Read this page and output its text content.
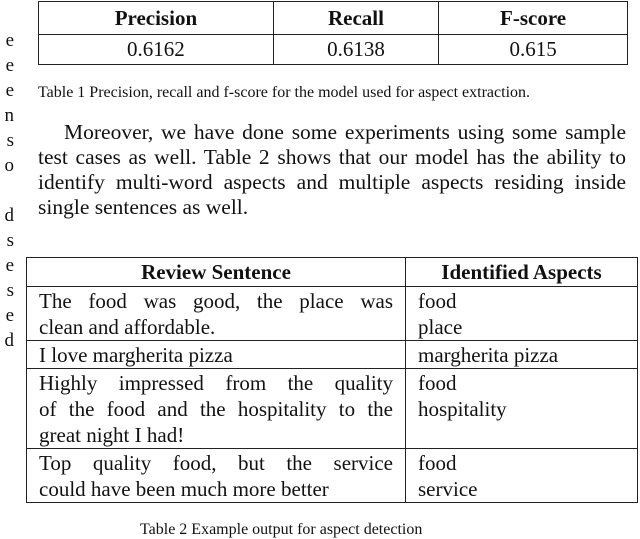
e
e
e
n
s
o

d
s
e
s
e
d
Precision	Recall	F-score
0.6162	0.6138	0.615
Table 1 Precision, recall and f-score for the model used for aspect extraction.
Moreover, we have done some experiments using some sample test cases as well. Table 2 shows that our model has the ability to identify multi-word aspects and multiple aspects residing inside single sentences as well.
Review Sentence	Identified Aspects

The food was good, the place was
clean and affordable.	food
place

I love margherita pizza	margherita pizza

Highly impressed from the quality
of the food and the hospitality to the
great night I had!	food
hospitality

Top quality food, but the service
could have been much more better	food
service
Table 2 Example output for aspect detection
